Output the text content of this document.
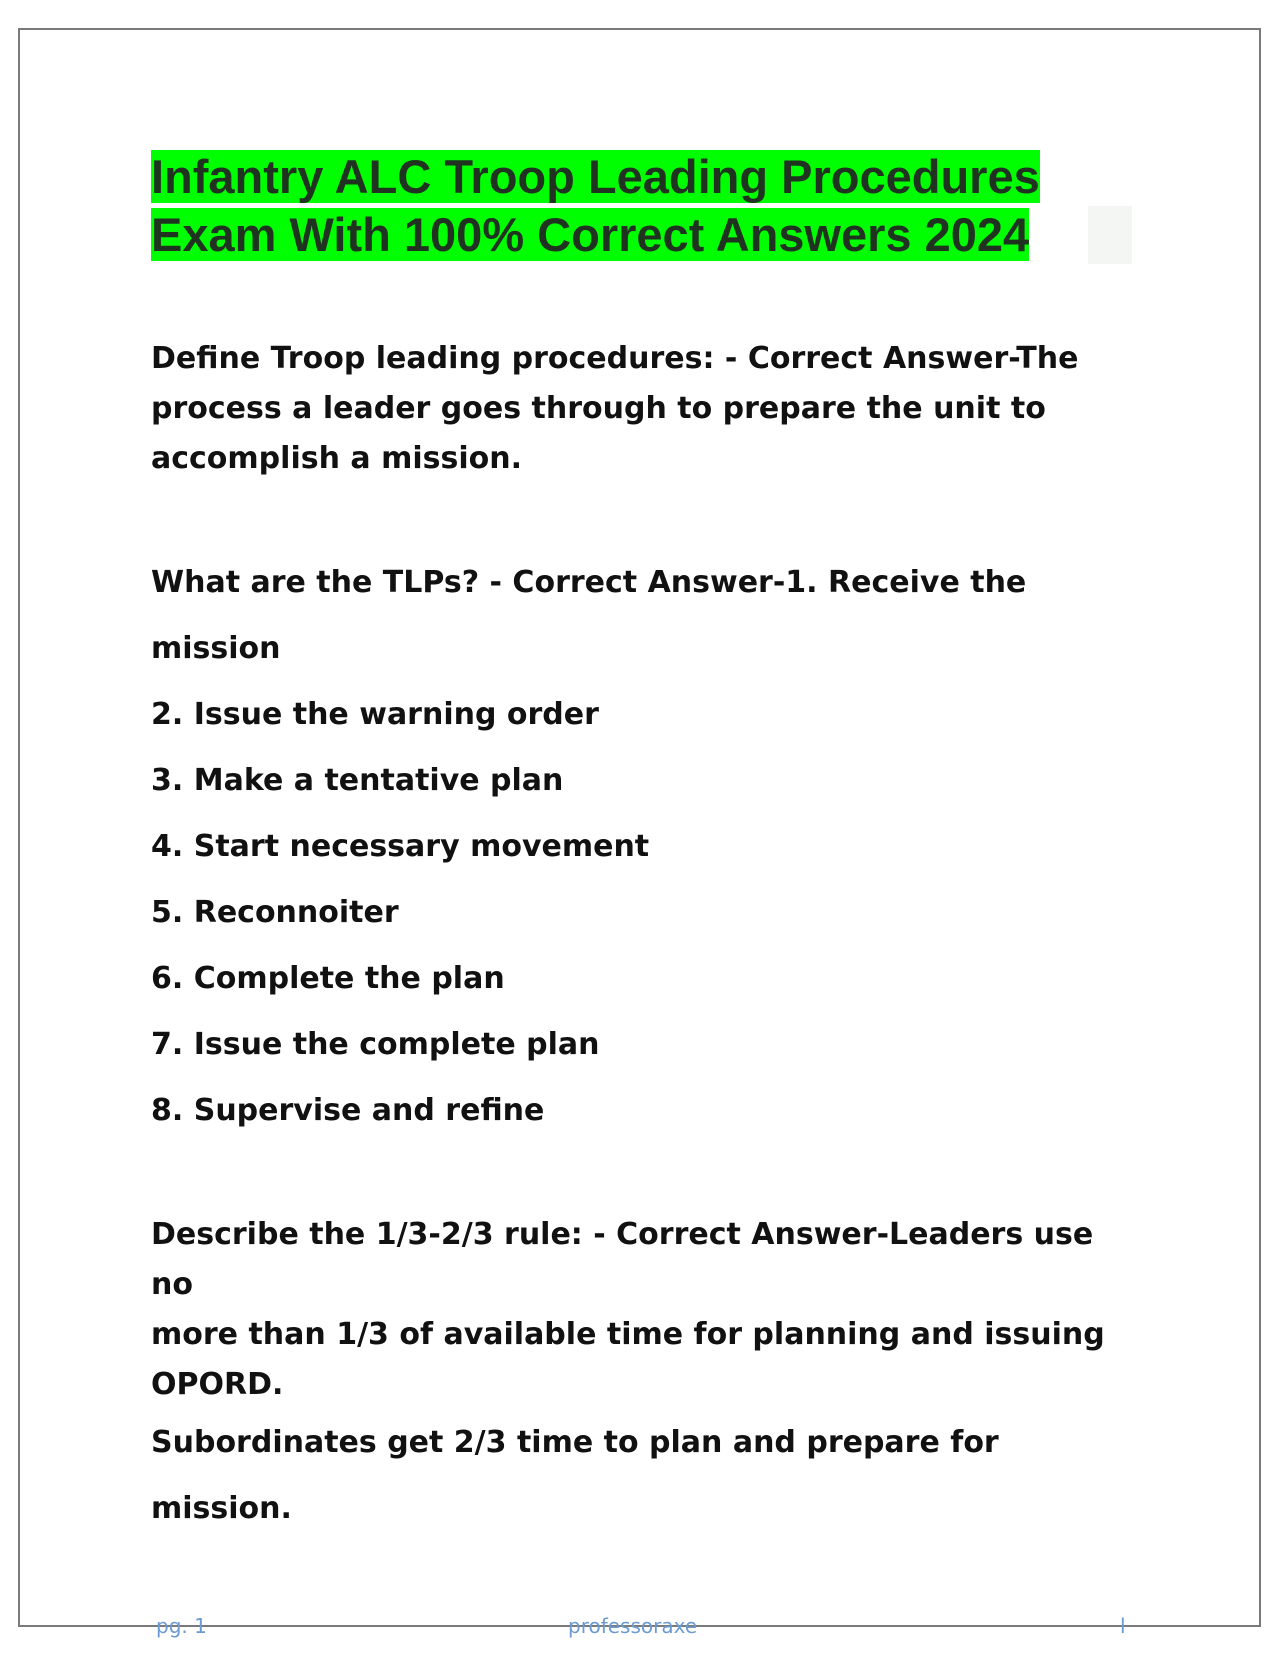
Infantry ALC Troop Leading Procedures
Exam With 100% Correct Answers 2024

Define Troop leading procedures: - Correct Answer-The

process a leader goes through to prepare the unit to

accomplish a mission.

What are the TLPs? - Correct Answer-1. Receive the mission

2. Issue the warning order

3. Make a tentative plan

4. Start necessary movement

5. Reconnoiter

6. Complete the plan

7. Issue the complete plan

8. Supervise and refine

Describe the 1/3-2/3 rule: - Correct Answer-Leaders use no

more than 1/3 of available time for planning and issuing

OPORD.

Subordinates get 2/3 time to plan and prepare for mission.

pg. 1	professoraxe	l
